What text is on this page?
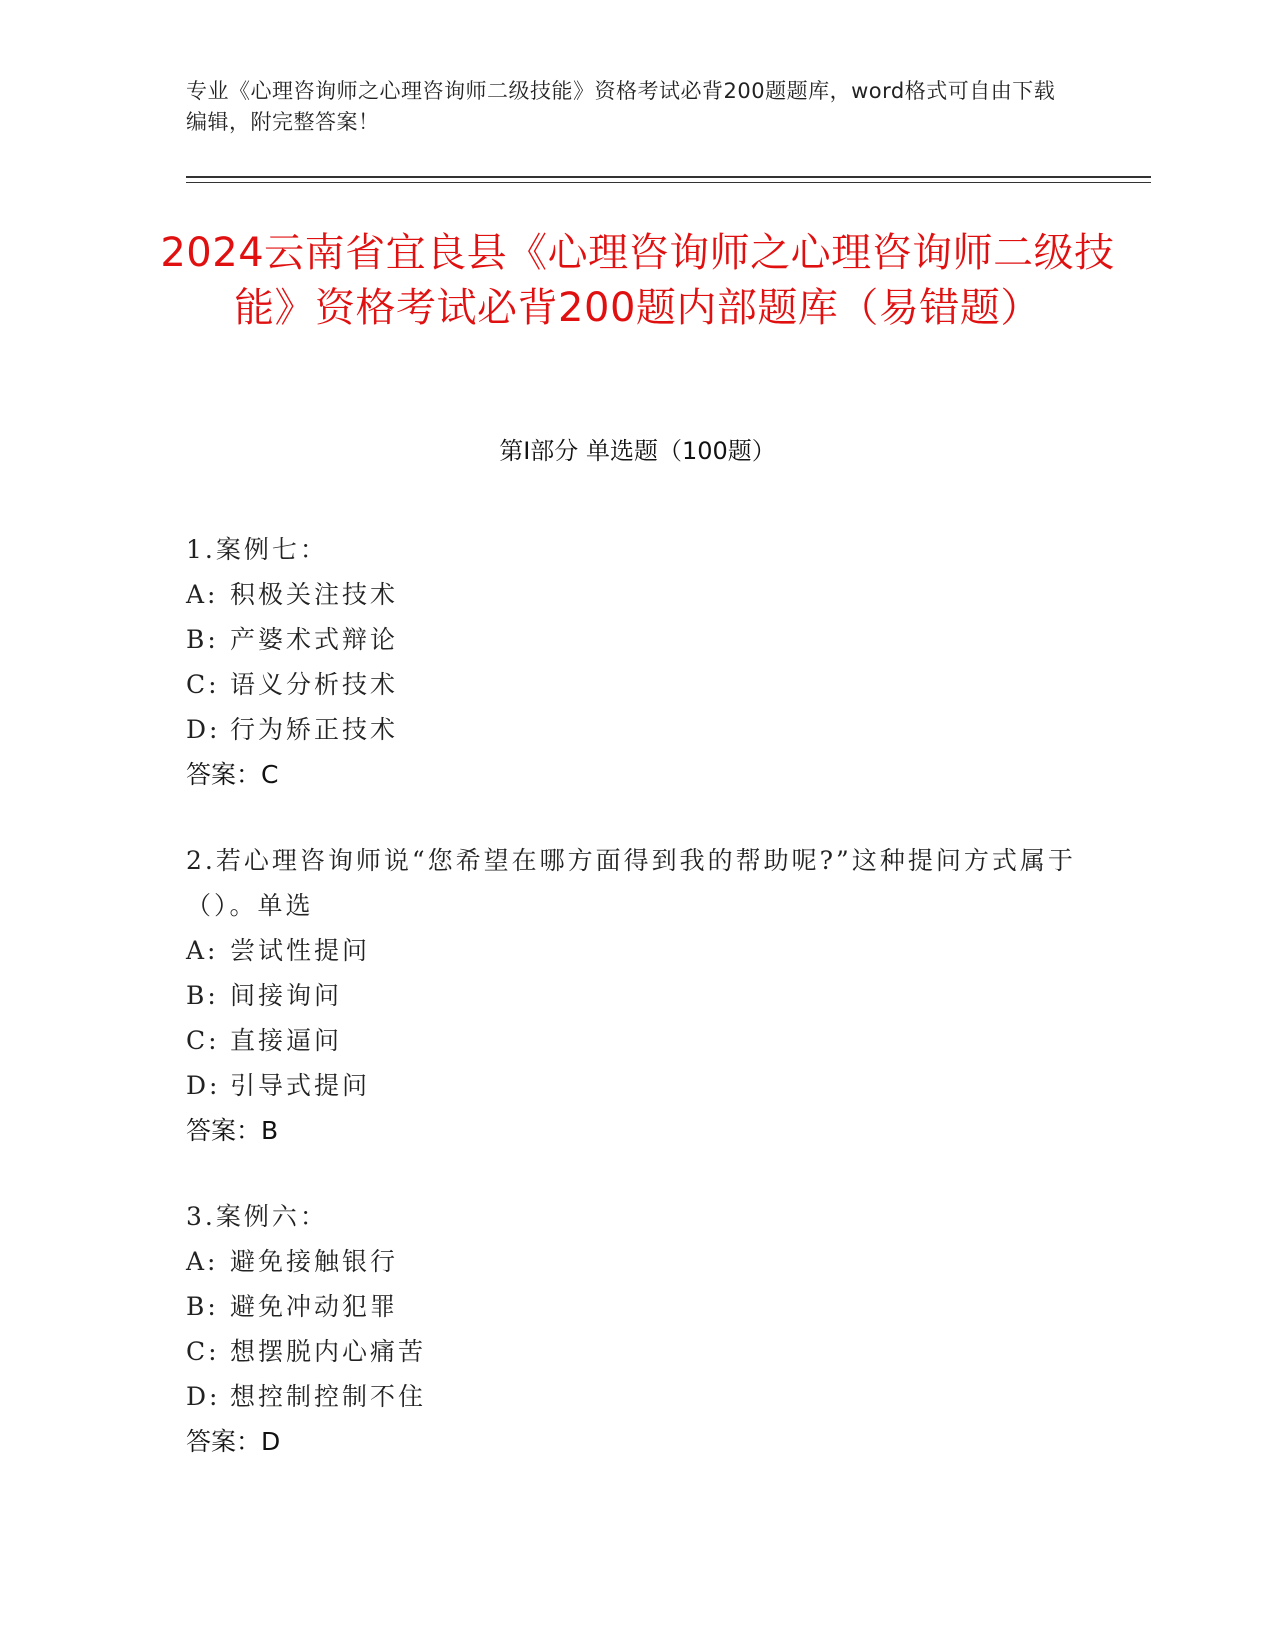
专业《心理咨询师之心理咨询师二级技能》资格考试必背200题题库，word格式可自由下载编辑，附完整答案！
2024云南省宜良县《心理咨询师之心理咨询师二级技能》资格考试必背200题内部题库（易错题）
第I部分 单选题（100题）
1.案例七：
A: 积极关注技术
B: 产婆术式辩论
C: 语义分析技术
D: 行为矫正技术
答案：C
2.若心理咨询师说“您希望在哪方面得到我的帮助呢?”这种提问方式属于（）。单选
A: 尝试性提问
B: 间接询问
C: 直接逼问
D: 引导式提问
答案：B
3.案例六：
A: 避免接触银行
B: 避免冲动犯罪
C: 想摆脱内心痛苦
D: 想控制控制不住
答案：D
